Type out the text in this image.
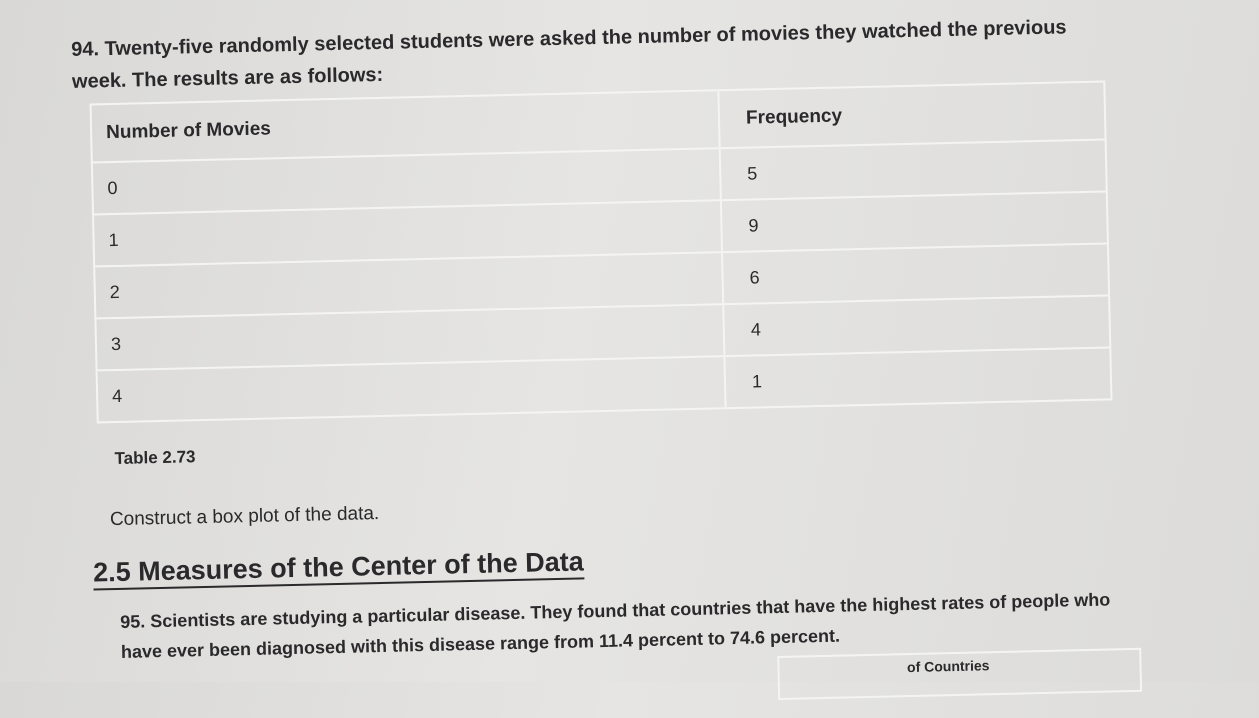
94. Twenty-five randomly selected students were asked the number of movies they watched the previous week. The results are as follows:
Number of Movies
Frequency
0
5
1
9
2
6
3
4
4
1
Table 2.73
Construct a box plot of the data.
2.5 Measures of the Center of the Data
95. Scientists are studying a particular disease. They found that countries that have the highest rates of people who have ever been diagnosed with this disease range from 11.4 percent to 74.6 percent.
of Countries
